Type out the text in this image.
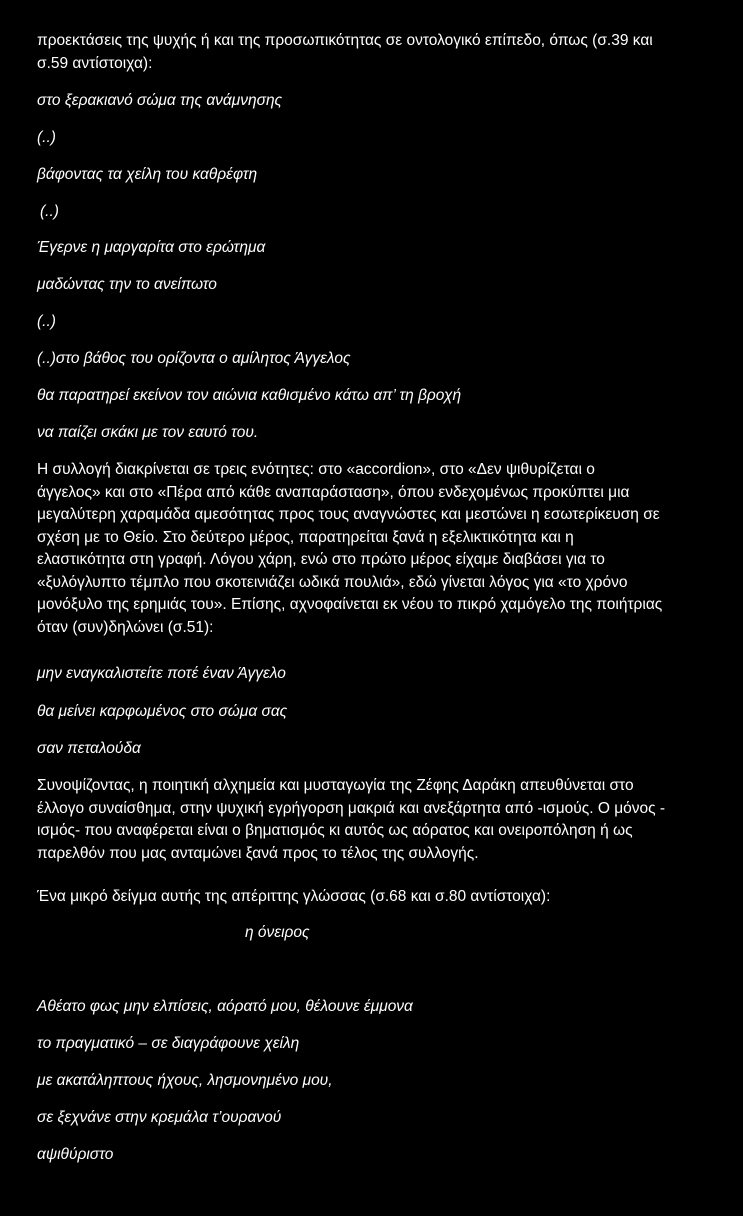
προεκτάσεις της ψυχής ή και της προσωπικότητας σε οντολογικό επίπεδο, όπως (σ.39 και

σ.59 αντίστοιχα):

στο ξερακιανό σώμα της ανάμνησης

(..)

βάφοντας τα χείλη του καθρέφτη

(..)

Έγερνε η μαργαρίτα στο ερώτημα

μαδώντας την το ανείπωτο

(..)

(..)στο βάθος του ορίζοντα ο αμίλητος Άγγελος

θα παρατηρεί εκείνον τον αιώνια καθισμένο κάτω απ’ τη βροχή

να παίζει σκάκι με τον εαυτό του.

Η συλλογή διακρίνεται σε τρεις ενότητες: στο «accordion», στο «Δεν ψιθυρίζεται ο
άγγελος» και στο «Πέρα από κάθε αναπαράσταση», όπου ενδεχομένως προκύπτει μια
μεγαλύτερη χαραμάδα αμεσότητας προς τους αναγνώστες και μεστώνει η εσωτερίκευση σε
σχέση με το Θείο. Στο δεύτερο μέρος, παρατηρείται ξανά η εξελικτικότητα και η
ελαστικότητα στη γραφή. Λόγου χάρη, ενώ στο πρώτο μέρος είχαμε διαβάσει για το
«ξυλόγλυπτο τέμπλο που σκοτεινιάζει ωδικά πουλιά», εδώ γίνεται λόγος για «το χρόνο
μονόξυλο της ερημιάς του». Επίσης, αχνοφαίνεται εκ νέου το πικρό χαμόγελο της ποιήτριας
όταν (συν)δηλώνει (σ.51):

μην εναγκαλιστείτε ποτέ έναν Άγγελο

θα μείνει καρφωμένος στο σώμα σας

σαν πεταλούδα

Συνοψίζοντας, η ποιητική αλχημεία και μυσταγωγία της Ζέφης Δαράκη απευθύνεται στο
έλλογο συναίσθημα, στην ψυχική εγρήγορση μακριά και ανεξάρτητα από -ισμούς. Ο μόνος -
ισμός- που αναφέρεται είναι ο βηματισμός κι αυτός ως αόρατος και ονειροπόληση ή ως
παρελθόν που μας ανταμώνει ξανά προς το τέλος της συλλογής.

Ένα μικρό δείγμα αυτής της απέριττης γλώσσας (σ.68 και σ.80 αντίστοιχα):

η όνειρος

Αθέατο φως μην ελπίσεις, αόρατό μου, θέλουνε έμμονα

το πραγματικό – σε διαγράφουνε χείλη

με ακατάληπτους ήχους, λησμονημένο μου,

σε ξεχνάνε στην κρεμάλα τ’ουρανού

αψιθύριστο
